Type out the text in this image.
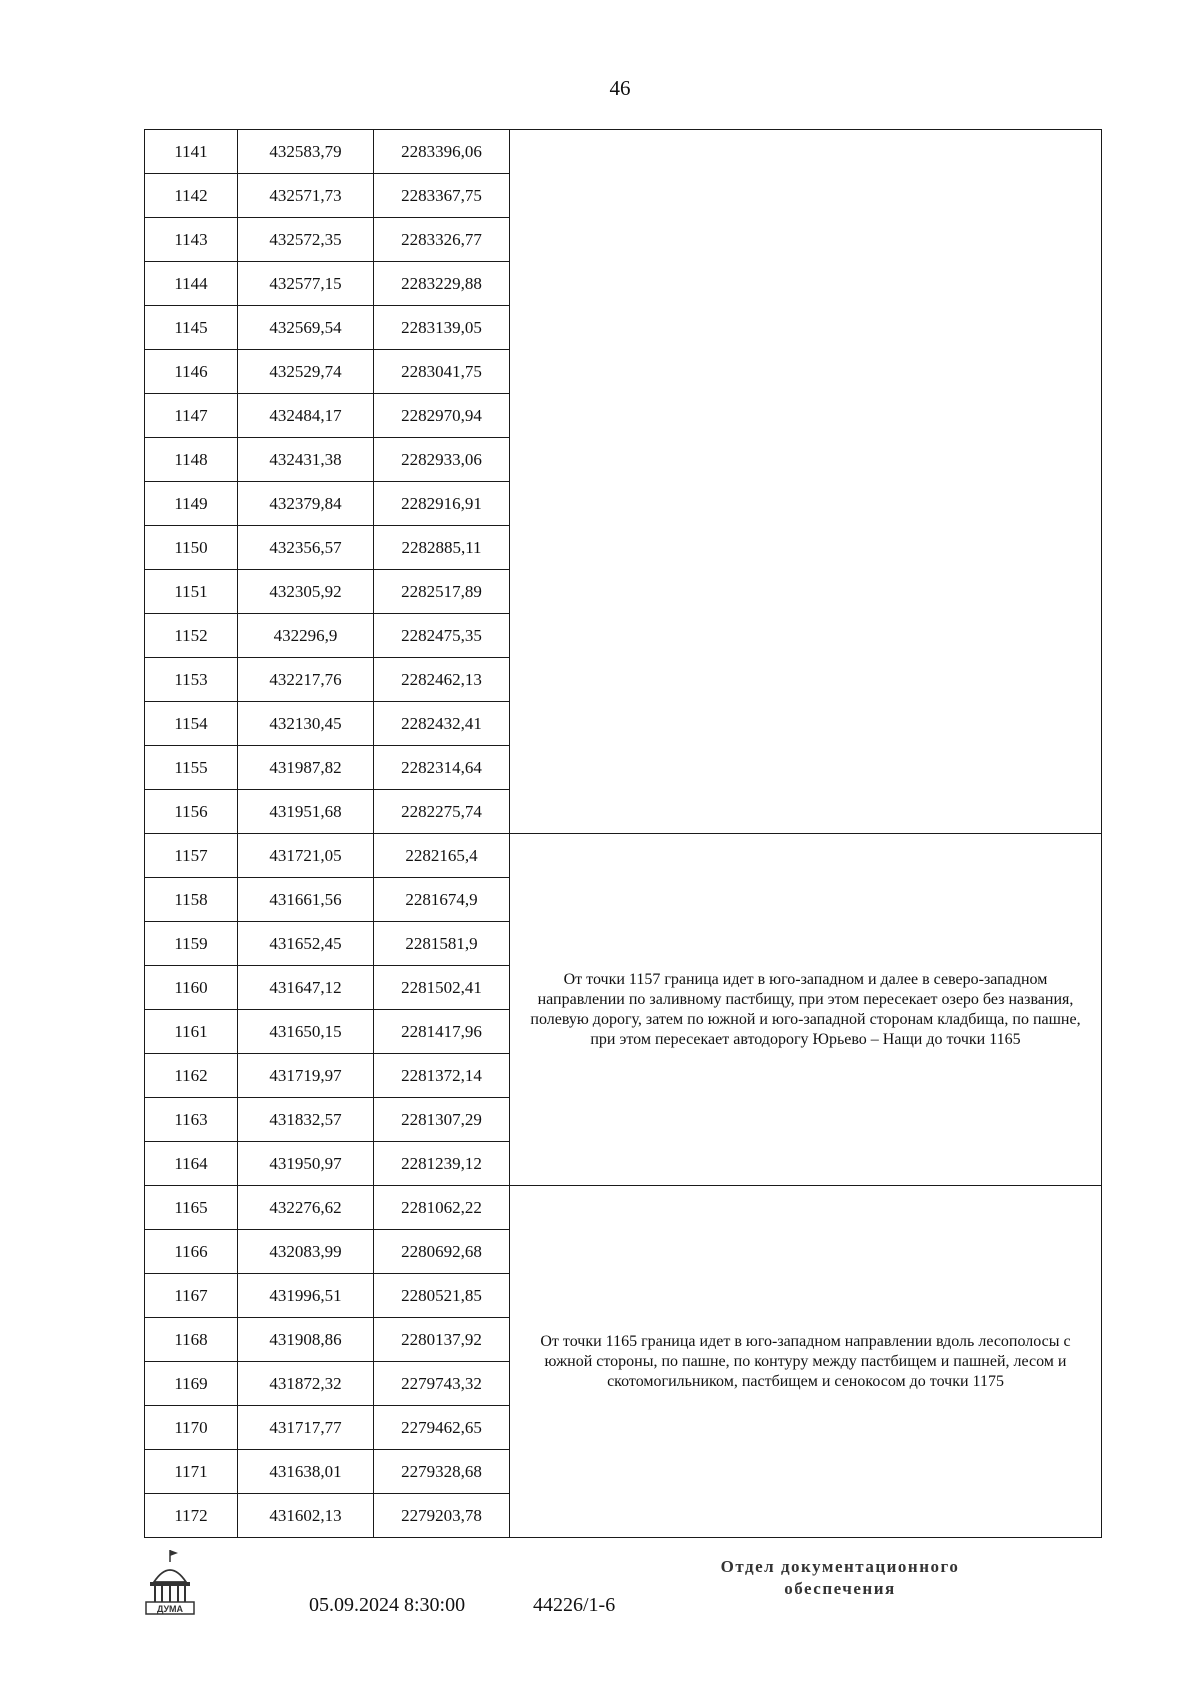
46
1141	432583,79	2283396,06	
1142	432571,73	2283367,75	
1143	432572,35	2283326,77	
1144	432577,15	2283229,88	
1145	432569,54	2283139,05	
1146	432529,74	2283041,75	
1147	432484,17	2282970,94	
1148	432431,38	2282933,06	
1149	432379,84	2282916,91	
1150	432356,57	2282885,11	
1151	432305,92	2282517,89	
1152	432296,9	2282475,35	
1153	432217,76	2282462,13	
1154	432130,45	2282432,41	
1155	431987,82	2282314,64	
1156	431951,68	2282275,74	
1157	431721,05	2282165,4	От точки 1157 граница идет в юго-западном и далее в северо-западном направлении по заливному пастбищу, при этом пересекает озеро без названия, полевую дорогу, затем по южной и юго-западной сторонам кладбища, по пашне, при этом пересекает автодорогу Юрьево – Нащи до точки 1165
1158	431661,56	2281674,9	
1159	431652,45	2281581,9	
1160	431647,12	2281502,41	
1161	431650,15	2281417,96	
1162	431719,97	2281372,14	
1163	431832,57	2281307,29	
1164	431950,97	2281239,12	
1165	432276,62	2281062,22	От точки 1165 граница идет в юго-западном направлении вдоль лесополосы с южной стороны, по пашне, по контуру между пастбищем и пашней, лесом и скотомогильником, пастбищем и сенокосом до точки 1175
1166	432083,99	2280692,68	
1167	431996,51	2280521,85	
1168	431908,86	2280137,92	
1169	431872,32	2279743,32	
1170	431717,77	2279462,65	
1171	431638,01	2279328,68	
1172	431602,13	2279203,78	
ДУМА	05.09.2024 8:30:00	44226/1-6
Отдел документационного
обеспечения
